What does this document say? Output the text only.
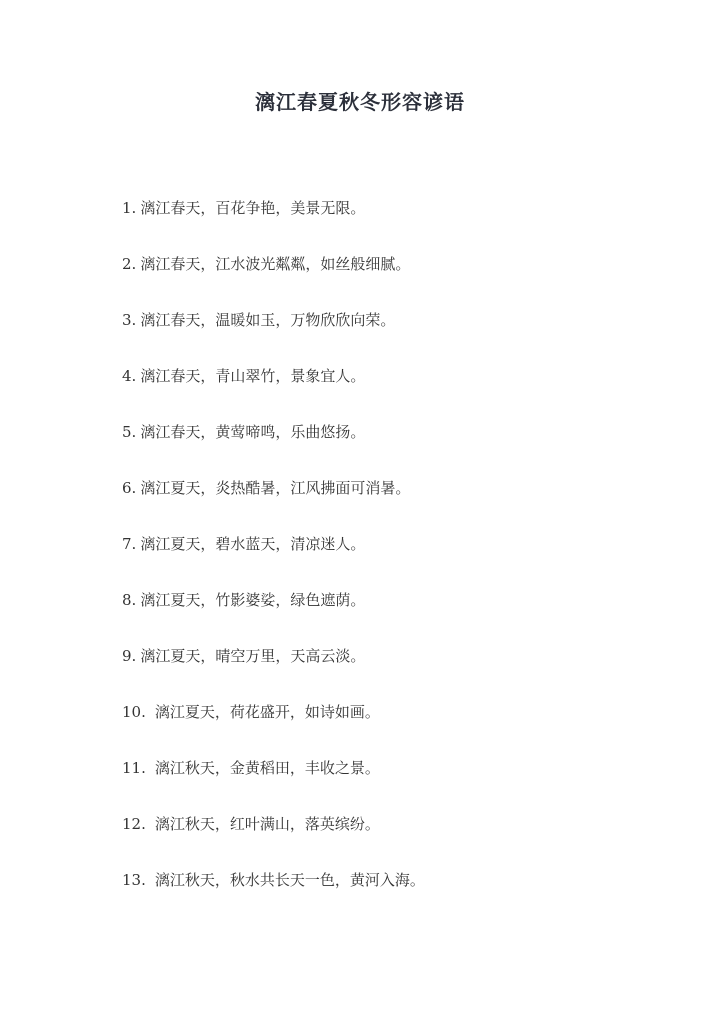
漓江春夏秋冬形容谚语
1. 漓江春天，百花争艳，美景无限。
2. 漓江春天，江水波光粼粼，如丝般细腻。
3. 漓江春天，温暖如玉，万物欣欣向荣。
4. 漓江春天，青山翠竹，景象宜人。
5. 漓江春天，黄莺啼鸣，乐曲悠扬。
6. 漓江夏天，炎热酷暑，江风拂面可消暑。
7. 漓江夏天，碧水蓝天，清凉迷人。
8. 漓江夏天，竹影婆娑，绿色遮荫。
9. 漓江夏天，晴空万里，天高云淡。
10. 漓江夏天，荷花盛开，如诗如画。
11. 漓江秋天，金黄稻田，丰收之景。
12. 漓江秋天，红叶满山，落英缤纷。
13. 漓江秋天，秋水共长天一色，黄河入海。
